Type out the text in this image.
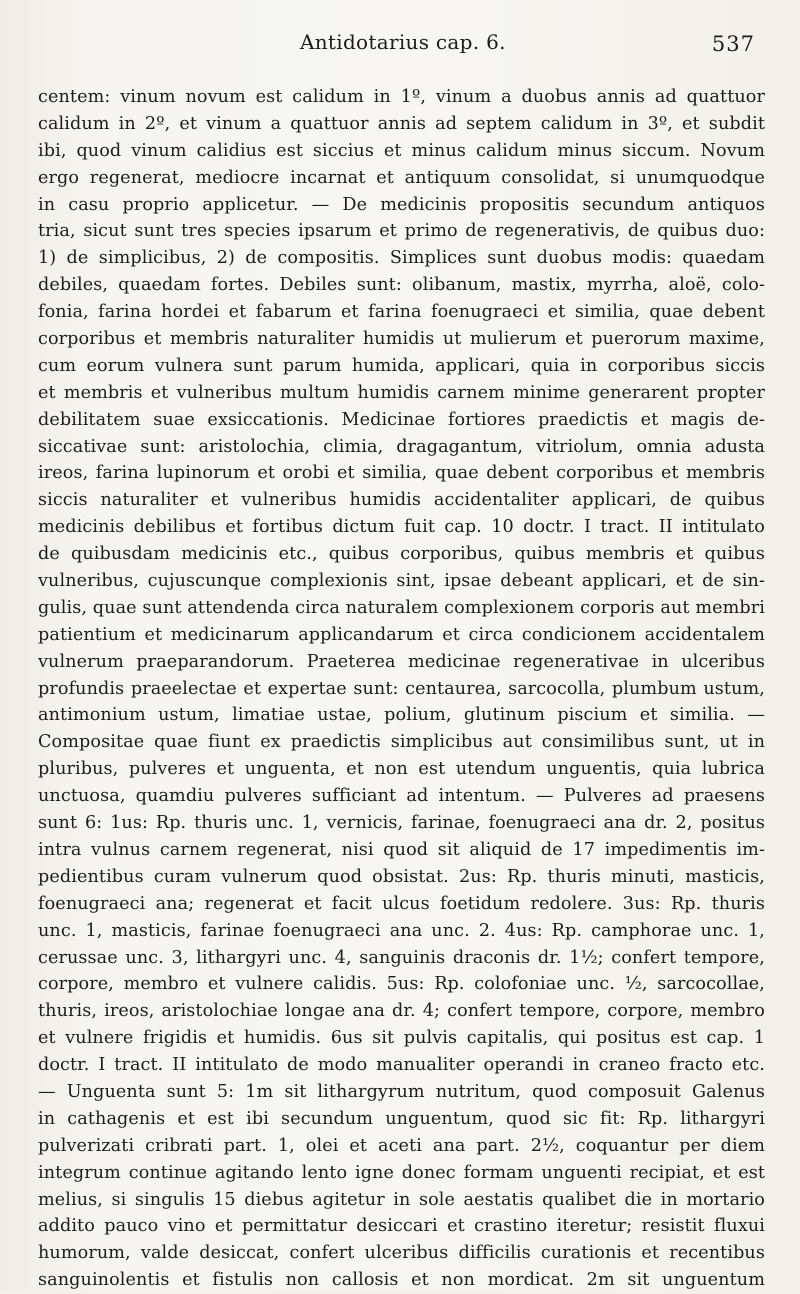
Antidotarius cap. 6.	537
centem: vinum novum est calidum in 1º, vinum a duobus annis ad quattuor
calidum in 2º, et vinum a quattuor annis ad septem calidum in 3º, et subdit
ibi, quod vinum calidius est siccius et minus calidum minus siccum. Novum
ergo regenerat, mediocre incarnat et antiquum consolidat, si unumquodque
in casu proprio applicetur. — De medicinis propositis secundum antiquos
tria, sicut sunt tres species ipsarum et primo de regenerativis, de quibus duo:
1) de simplicibus, 2) de compositis. Simplices sunt duobus modis: quaedam
debiles, quaedam fortes. Debiles sunt: olibanum, mastix, myrrha, aloë, colo-
fonia, farina hordei et fabarum et farina foenugraeci et similia, quae debent
corporibus et membris naturaliter humidis ut mulierum et puerorum maxime,
cum eorum vulnera sunt parum humida, applicari, quia in corporibus siccis
et membris et vulneribus multum humidis carnem minime generarent propter
debilitatem suae exsiccationis. Medicinae fortiores praedictis et magis de-
siccativae sunt: aristolochia, climia, dragagantum, vitriolum, omnia adusta
ireos, farina lupinorum et orobi et similia, quae debent corporibus et membris
siccis naturaliter et vulneribus humidis accidentaliter applicari, de quibus
medicinis debilibus et fortibus dictum fuit cap. 10 doctr. I tract. II intitulato
de quibusdam medicinis etc., quibus corporibus, quibus membris et quibus
vulneribus, cujuscunque complexionis sint, ipsae debeant applicari, et de sin-
gulis, quae sunt attendenda circa naturalem complexionem corporis aut membri
patientium et medicinarum applicandarum et circa condicionem accidentalem
vulnerum praeparandorum. Praeterea medicinae regenerativae in ulceribus
profundis praeelectae et expertae sunt: centaurea, sarcocolla, plumbum ustum,
antimonium ustum, limatiae ustae, polium, glutinum piscium et similia. —
Compositae quae fiunt ex praedictis simplicibus aut consimilibus sunt, ut in
pluribus, pulveres et unguenta, et non est utendum unguentis, quia lubrica
unctuosa, quamdiu pulveres sufficiant ad intentum. — Pulveres ad praesens
sunt 6: 1us: Rp. thuris unc. 1, vernicis, farinae, foenugraeci ana dr. 2, positus
intra vulnus carnem regenerat, nisi quod sit aliquid de 17 impedimentis im-
pedientibus curam vulnerum quod obsistat. 2us: Rp. thuris minuti, masticis,
foenugraeci ana; regenerat et facit ulcus foetidum redolere. 3us: Rp. thuris
unc. 1, masticis, farinae foenugraeci ana unc. 2. 4us: Rp. camphorae unc. 1,
cerussae unc. 3, lithargyri unc. 4, sanguinis draconis dr. 1½; confert tempore,
corpore, membro et vulnere calidis. 5us: Rp. colofoniae unc. ½, sarcocollae,
thuris, ireos, aristolochiae longae ana dr. 4; confert tempore, corpore, membro
et vulnere frigidis et humidis. 6us sit pulvis capitalis, qui positus est cap. 1
doctr. I tract. II intitulato de modo manualiter operandi in craneo fracto etc.
— Unguenta sunt 5: 1m sit lithargyrum nutritum, quod composuit Galenus
in cathagenis et est ibi secundum unguentum, quod sic fit: Rp. lithargyri
pulverizati cribrati part. 1, olei et aceti ana part. 2½, coquantur per diem
integrum continue agitando lento igne donec formam unguenti recipiat, et est
melius, si singulis 15 diebus agitetur in sole aestatis qualibet die in mortario
addito pauco vino et permittatur desiccari et crastino iteretur; resistit fluxui
humorum, valde desiccat, confert ulceribus difficilis curationis et recentibus
sanguinolentis et fistulis non callosis et non mordicat. 2m sit unguentum
